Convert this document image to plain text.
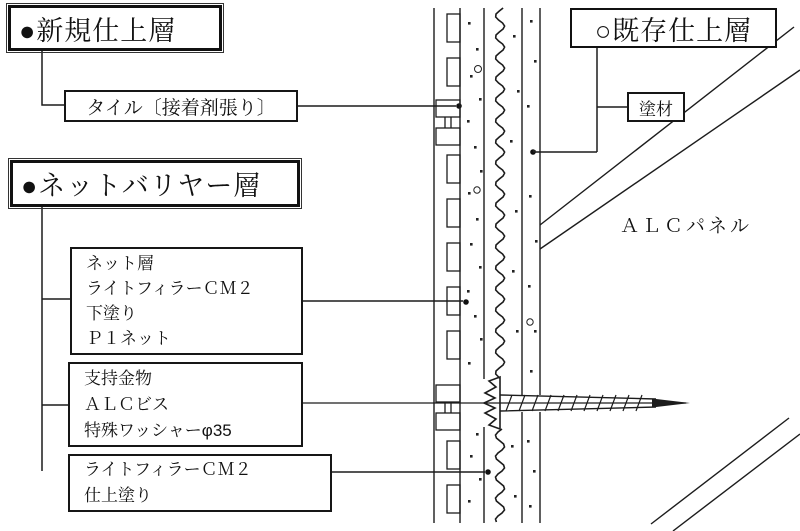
●新規仕上層
タイル〔接着剤張り〕
●ネットバリヤー層
ネット層
ライトフィラーＣＭ２
下塗り
Ｐ１ネット
支持金物
ＡＬＣビス
特殊ワッシャーφ35
ライトフィラーＣＭ２
仕上塗り
○既存仕上層
塗材
ＡＬＣパネル
